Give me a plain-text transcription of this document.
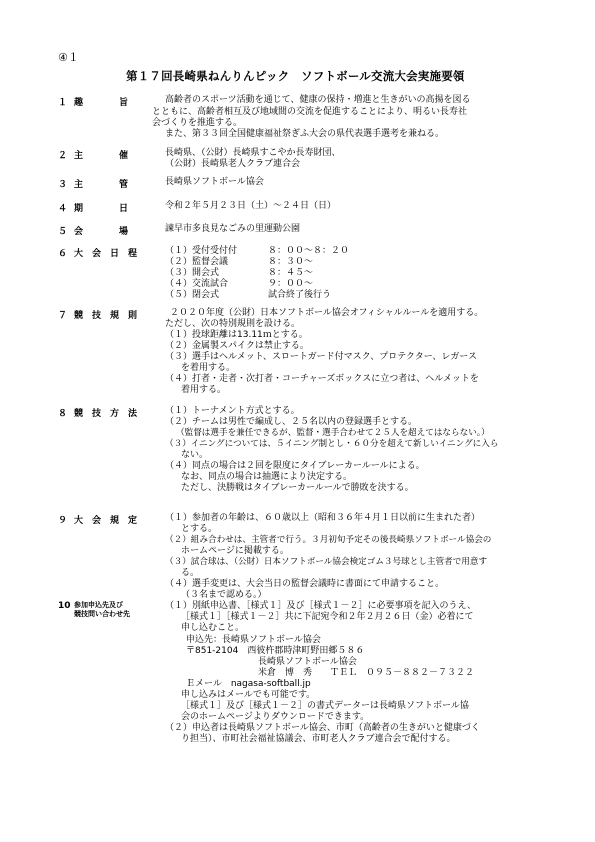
④１
第１７回長崎県ねんりんピック　ソフトボール交流大会実施要領
１ 趣　　　　旨	高齢者のスポーツ活動を通じて、健康の保持・増進と生きがいの高揚を図る
とともに、高齢者相互及び地域間の交流を促進することにより、明るい長寿社
会づくりを推進する。
また、第３３回全国健康福祉祭ぎふ大会の県代表選手選考を兼ねる。
２ 主　　　　催	長崎県、（公財）長崎県すこやか長寿財団、
（公財）長崎県老人クラブ連合会
３ 主　　　　管	長崎県ソフトボール協会
４ 期　　　　日	令和２年５月２３日（土）～２４日（日）
５ 会　　　　場	諫早市多良見なごみの里運動公園
６ 大　会　日　程	（１）受付受付付	８：００～８：２０
（２）監督会議	８：３０～
（３）開会式	８：４５～
（４）交流試合	９：００～
（５）閉会式	試合終了後行う
７ 競　技　規　則	２０２０年度（公財）日本ソフトボール協会オフィシャルルールを適用する。
ただし、次の特別規則を設ける。
（１）投球距離は13.11ｍとする。
（２）金属製スパイクは禁止する。
（３）選手はヘルメット、スロートガード付マスク、プロテクター、レガース
を着用する。
（４）打者・走者・次打者・コーチャーズボックスに立つ者は、ヘルメットを
着用する。
８ 競　技　方　法	（１）トーナメント方式とする。
（２）チームは男性で編成し、２５名以内の登録選手とする。
（監督は選手を兼任できるが、監督・選手合わせて２５人を超えてはならない。）
（３）イニングについては、５イニング制とし・６０分を超えて新しいイニングに入ら
ない。
（４）同点の場合は２回を限度にタイブレーカールールによる。
なお、同点の場合は抽選により決定する。
ただし、決勝戦はタイブレーカールールで勝敗を決する。
９ 大　会　規　定	（１）参加者の年齢は、６０歳以上（昭和３６年４月１日以前に生まれた者）
とする。
（２）組み合わせは、主管者で行う。３月初旬予定その後長崎県ソフトボール協会の
ホームページに掲載する。
（３）試合球は、（公財）日本ソフトボール協会検定ゴム３号球とし主管者で用意す
る。
（４）選手変更は、大会当日の監督会議時に書面にて申請すること。
（３名まで認める。）
10 参加申込先及び
競技問い合わせ先
（１）別紙申込書、［様式１］及び［様式１－２］に必要事項を記入のうえ、
［様式１］［様式１－２］共に下記宛令和２年２月２６日（金）必着にて
申し込むこと。
申込先：長崎県ソフトボール協会
〒851-2104　西彼杵郡時津町野田郷５８６
長崎県ソフトボール協会
米倉　博　秀　　ＴＥＬ　０９５－８８２－７３２２
Ｅメール　nagasa-softball.jp
申し込みはメールでも可能です。
［様式１］及び［様式１－２］の書式データーは長崎県ソフトボール協
会のホームページよりダウンロードできます。
（２）申込者は長崎県ソフトボール協会、市町（高齢者の生きがいと健康づく
り担当）、市町社会福祉協議会、市町老人クラブ連合会で配付する。
